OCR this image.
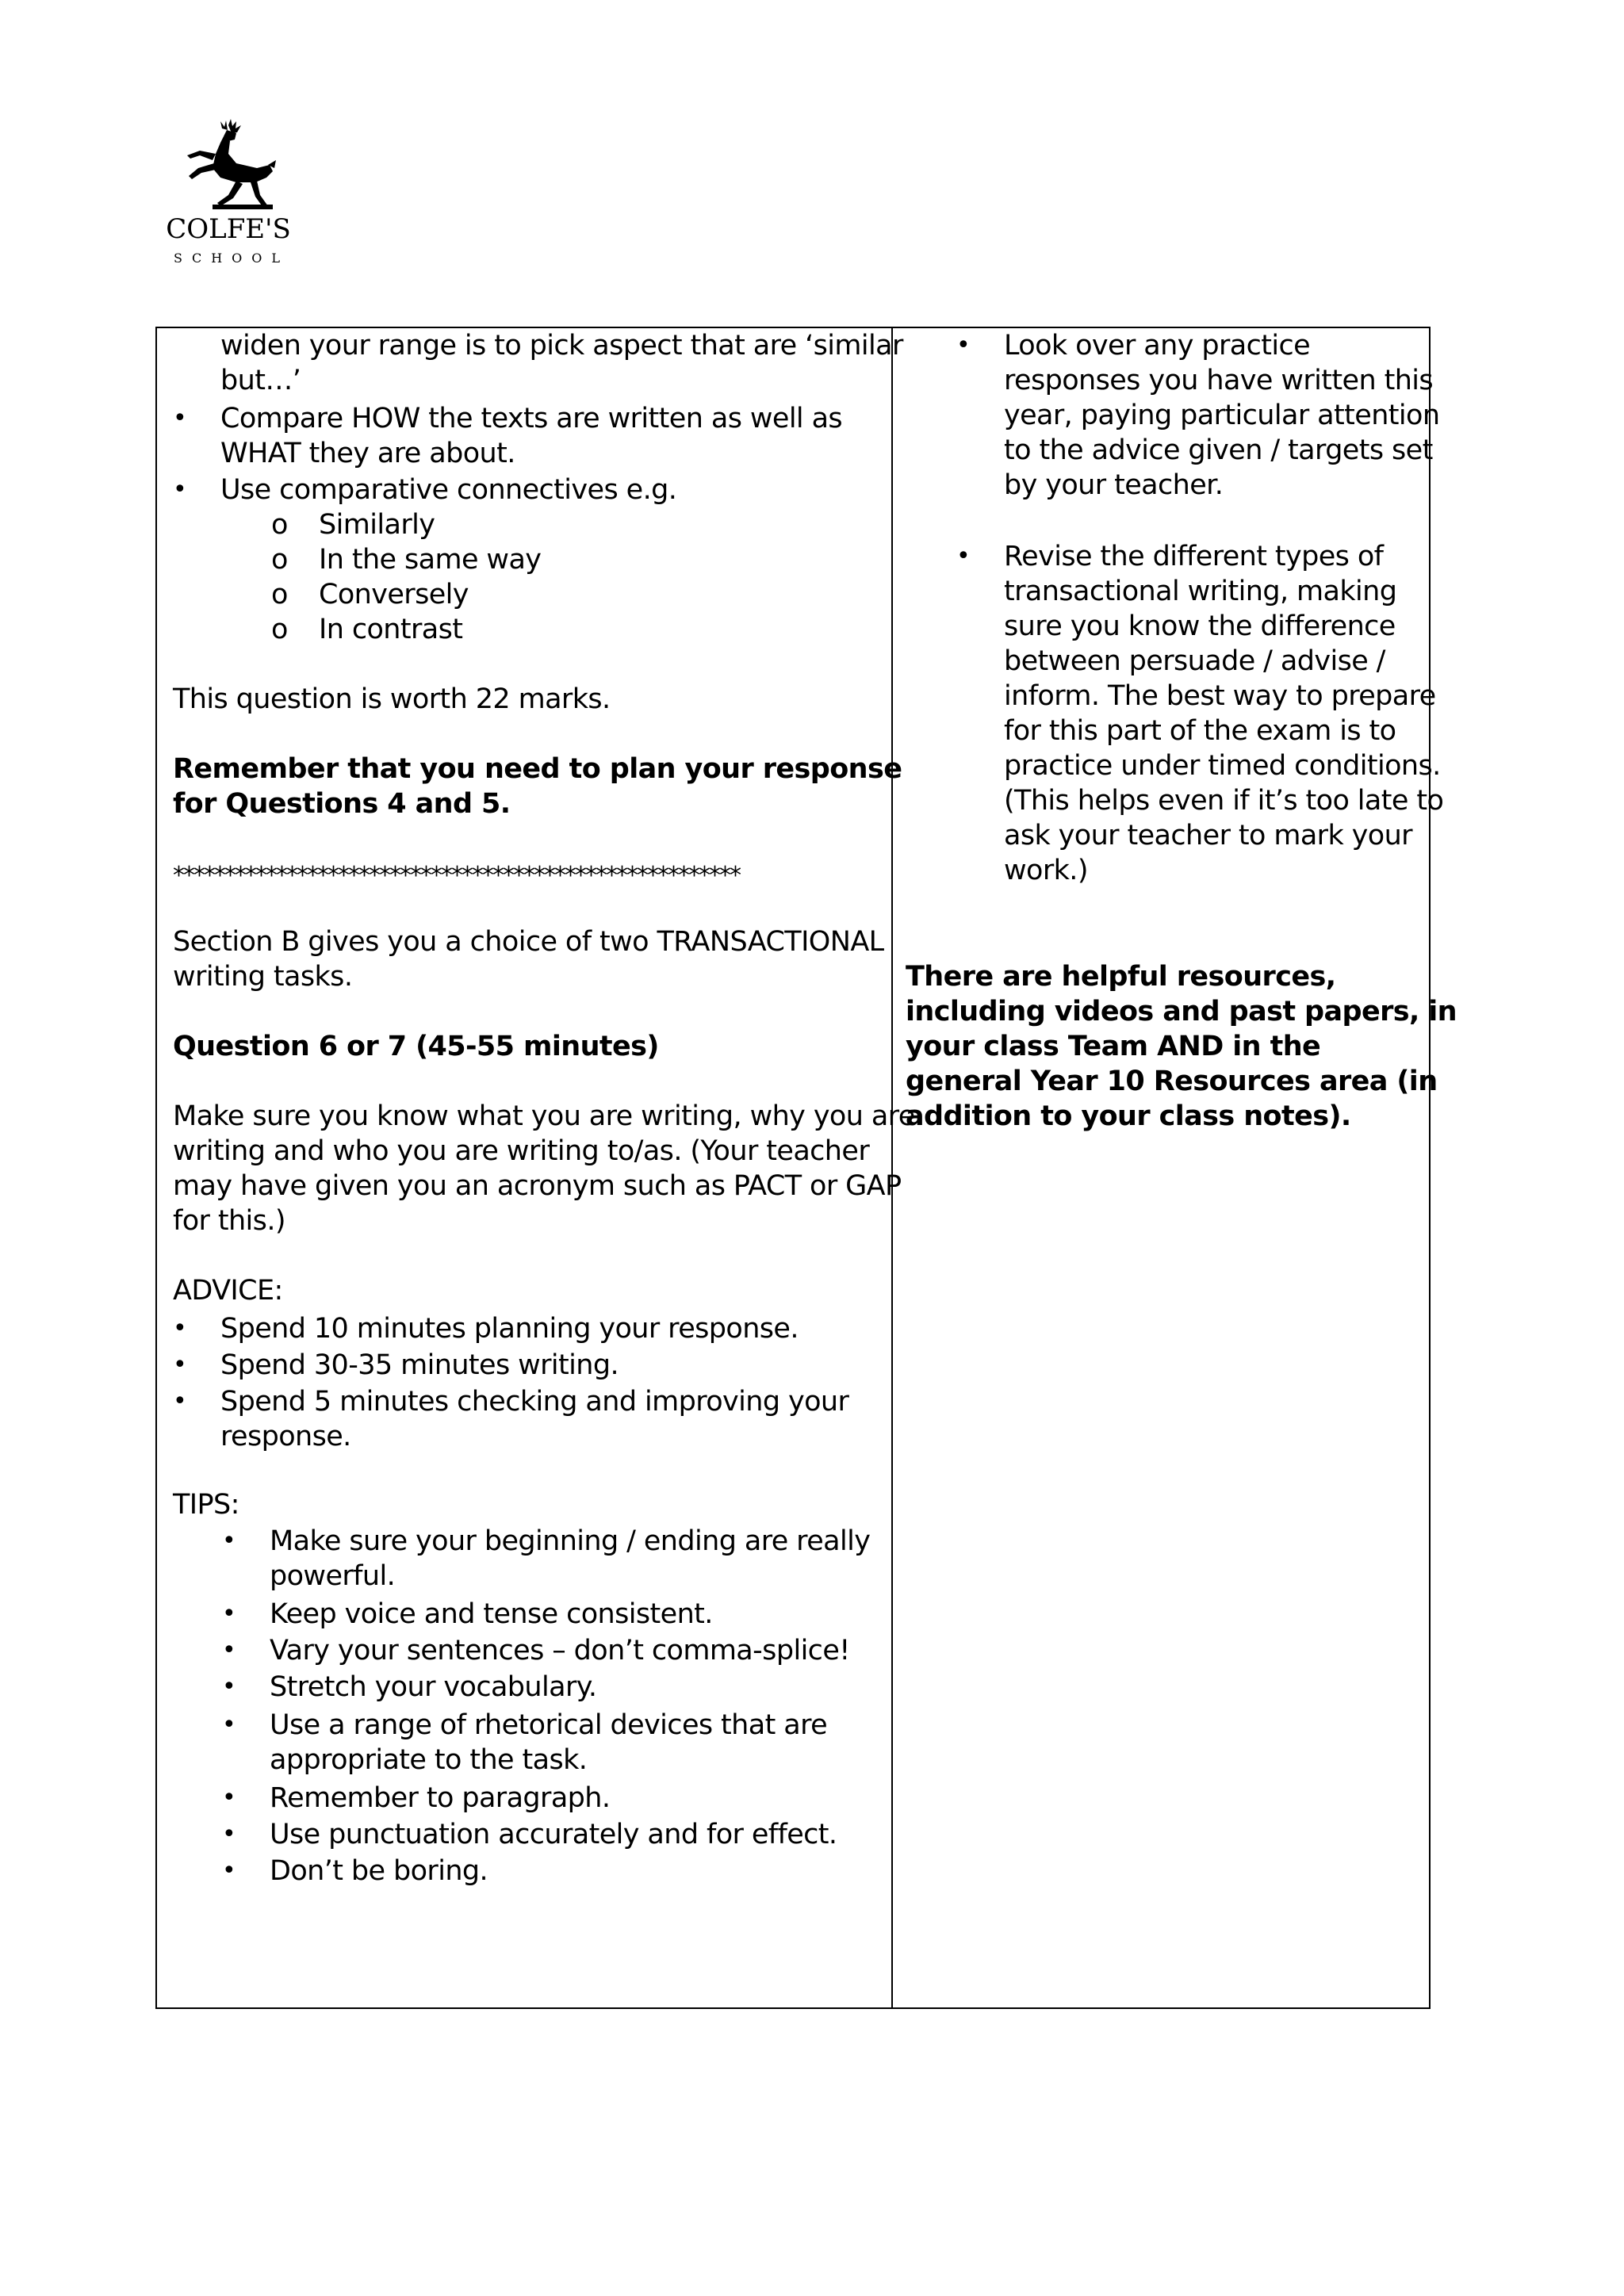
COLFE'S
SCHOOL
widen your range is to pick aspect that are ‘similar
but…’
• Compare HOW the texts are written as well as
WHAT they are about.
• Use comparative connectives e.g.
o Similarly
o In the same way
o Conversely
o In contrast
This question is worth 22 marks.
Remember that you need to plan your response
for Questions 4 and 5.
*******************************************************
Section B gives you a choice of two TRANSACTIONAL
writing tasks.
Question 6 or 7 (45-55 minutes)
Make sure you know what you are writing, why you are
writing and who you are writing to/as. (Your teacher
may have given you an acronym such as PACT or GAP
for this.)
ADVICE:
• Spend 10 minutes planning your response.
• Spend 30-35 minutes writing.
• Spend 5 minutes checking and improving your
response.
TIPS:
• Make sure your beginning / ending are really
powerful.
• Keep voice and tense consistent.
• Vary your sentences – don’t comma-splice!
• Stretch your vocabulary.
• Use a range of rhetorical devices that are
appropriate to the task.
• Remember to paragraph.
• Use punctuation accurately and for effect.
• Don’t be boring.
• Look over any practice
responses you have written this
year, paying particular attention
to the advice given / targets set
by your teacher.
• Revise the different types of
transactional writing, making
sure you know the difference
between persuade / advise /
inform. The best way to prepare
for this part of the exam is to
practice under timed conditions.
(This helps even if it’s too late to
ask your teacher to mark your
work.)
There are helpful resources,
including videos and past papers, in
your class Team AND in the
general Year 10 Resources area (in
addition to your class notes).
